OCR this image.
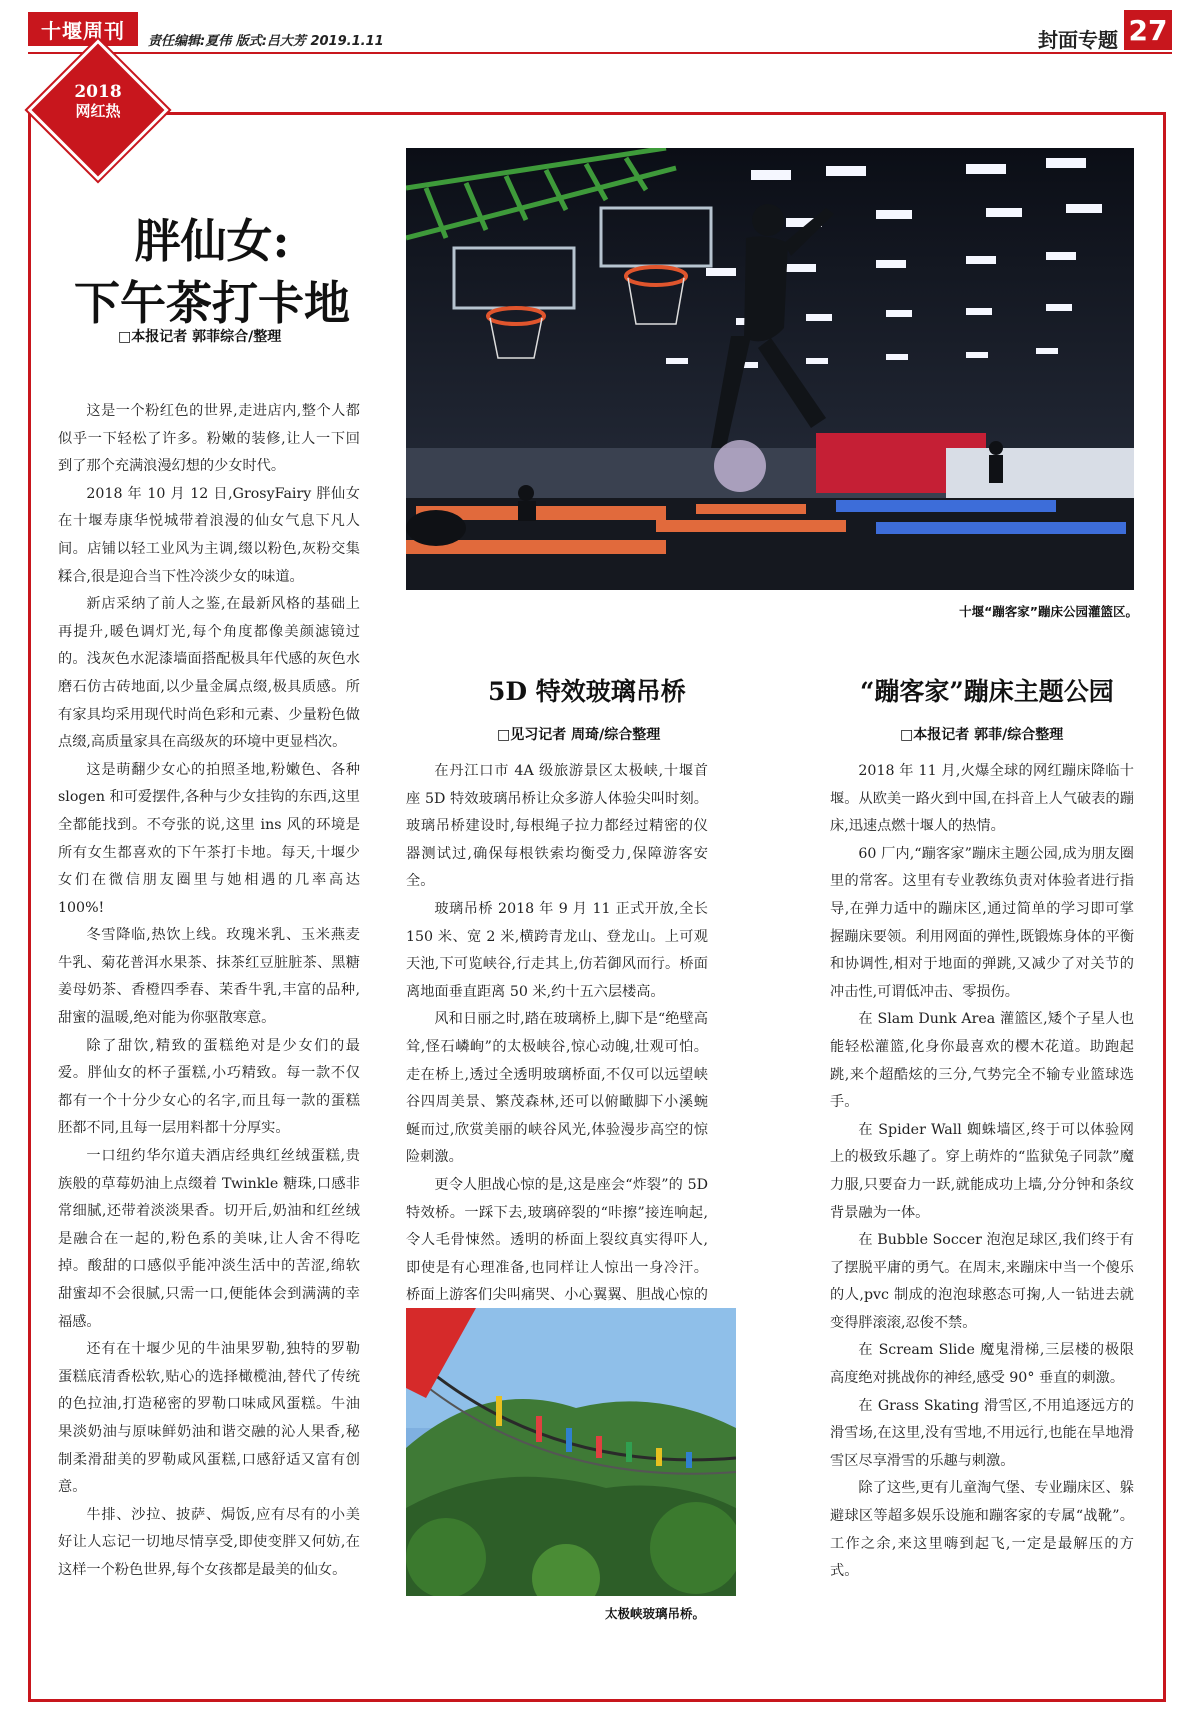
十堰周刊	责任编辑:夏伟 版式:吕大芳 2019.1.11	封面专题 27
2018
网红热
胖仙女:
下午茶打卡地
□本报记者 郭菲综合/整理

这是一个粉红色的世界,走进店内,整个人都似乎一下轻松了许多。粉嫩的装修,让人一下回到了那个充满浪漫幻想的少女时代。

2018 年 10 月 12 日,GrosyFairy 胖仙女在十堰寿康华悦城带着浪漫的仙女气息下凡人间。店铺以轻工业风为主调,缀以粉色,灰粉交集糅合,很是迎合当下性冷淡少女的味道。

新店采纳了前人之鉴,在最新风格的基础上再提升,暖色调灯光,每个角度都像美颜滤镜过的。浅灰色水泥漆墙面搭配极具年代感的灰色水磨石仿古砖地面,以少量金属点缀,极具质感。所有家具均采用现代时尚色彩和元素、少量粉色做点缀,高质量家具在高级灰的环境中更显档次。

这是萌翻少女心的拍照圣地,粉嫩色、各种 slogen 和可爱摆件,各种与少女挂钩的东西,这里全都能找到。不夸张的说,这里 ins 风的环境是所有女生都喜欢的下午茶打卡地。每天,十堰少女们在微信朋友圈里与她相遇的几率高达 100%!

冬雪降临,热饮上线。玫瑰米乳、玉米燕麦牛乳、菊花普洱水果茶、抹茶红豆脏脏茶、黑糖姜母奶茶、香橙四季春、茉香牛乳,丰富的品种,甜蜜的温暖,绝对能为你驱散寒意。

除了甜饮,精致的蛋糕绝对是少女们的最爱。胖仙女的杯子蛋糕,小巧精致。每一款不仅都有一个十分少女心的名字,而且每一款的蛋糕胚都不同,且每一层用料都十分厚实。

一口纽约华尔道夫酒店经典红丝绒蛋糕,贵族般的草莓奶油上点缀着 Twinkle 糖珠,口感非常细腻,还带着淡淡果香。切开后,奶油和红丝绒是融合在一起的,粉色系的美味,让人舍不得吃掉。酸甜的口感似乎能冲淡生活中的苦涩,绵软甜蜜却不会很腻,只需一口,便能体会到满满的幸福感。

还有在十堰少见的牛油果罗勒,独特的罗勒蛋糕底清香松软,贴心的选择橄榄油,替代了传统的色拉油,打造秘密的罗勒口味咸风蛋糕。牛油果淡奶油与原味鲜奶油和谐交融的沁人果香,秘制柔滑甜美的罗勒咸风蛋糕,口感舒适又富有创意。

牛排、沙拉、披萨、焗饭,应有尽有的小美好让人忘记一切地尽情享受,即使变胖又何妨,在这样一个粉色世界,每个女孩都是最美的仙女。

十堰“蹦客家”蹦床公园灌篮区。
5D 特效玻璃吊桥
□见习记者 周琦/综合整理

在丹江口市 4A 级旅游景区太极峡,十堰首座 5D 特效玻璃吊桥让众多游人体验尖叫时刻。玻璃吊桥建设时,每根绳子拉力都经过精密的仪器测试过,确保每根铁索均衡受力,保障游客安全。

玻璃吊桥 2018 年 9 月 11 正式开放,全长 150 米、宽 2 米,横跨青龙山、登龙山。上可观天池,下可览峡谷,行走其上,仿若御风而行。桥面离地面垂直距离 50 米,约十五六层楼高。

风和日丽之时,踏在玻璃桥上,脚下是“绝壁高耸,怪石嶙峋”的太极峡谷,惊心动魄,壮观可怕。走在桥上,透过全透明玻璃桥面,不仅可以远望峡谷四周美景、繁茂森林,还可以俯瞰脚下小溪蜿蜒而过,欣赏美丽的峡谷风光,体验漫步高空的惊险刺激。

更令人胆战心惊的是,这是座会“炸裂”的 5D 特效桥。一踩下去,玻璃碎裂的“咔擦”接连响起,令人毛骨悚然。透明的桥面上裂纹真实得吓人,即使是有心理准备,也同样让人惊出一身冷汗。桥面上游客们尖叫痛哭、小心翼翼、胆战心惊的

太极峡玻璃吊桥。
“蹦客家”蹦床主题公园
□本报记者 郭菲/综合整理

2018 年 11 月,火爆全球的网红蹦床降临十堰。从欧美一路火到中国,在抖音上人气破表的蹦床,迅速点燃十堰人的热情。

60 厂内,“蹦客家”蹦床主题公园,成为朋友圈里的常客。这里有专业教练负责对体验者进行指导,在弹力适中的蹦床区,通过简单的学习即可掌握蹦床要领。利用网面的弹性,既锻炼身体的平衡和协调性,相对于地面的弹跳,又减少了对关节的冲击性,可谓低冲击、零损伤。

在 Slam Dunk Area 灌篮区,矮个子星人也能轻松灌篮,化身你最喜欢的樱木花道。助跑起跳,来个超酷炫的三分,气势完全不输专业篮球选手。

在 Spider Wall 蜘蛛墙区,终于可以体验网上的极致乐趣了。穿上萌炸的“监狱兔子同款”魔力服,只要奋力一跃,就能成功上墙,分分钟和条纹背景融为一体。

在 Bubble Soccer 泡泡足球区,我们终于有了摆脱平庸的勇气。在周末,来蹦床中当一个傻乐的人,pvc 制成的泡泡球憨态可掬,人一钻进去就变得胖滚滚,忍俊不禁。

在 Scream Slide 魔鬼滑梯,三层楼的极限高度绝对挑战你的神经,感受 90° 垂直的刺激。

在 Grass Skating 滑雪区,不用追逐远方的滑雪场,在这里,没有雪地,不用远行,也能在旱地滑雪区尽享滑雪的乐趣与刺激。

除了这些,更有儿童淘气堡、专业蹦床区、躲避球区等超多娱乐设施和蹦客家的专属“战靴”。工作之余,来这里嗨到起飞,一定是最解压的方式。
